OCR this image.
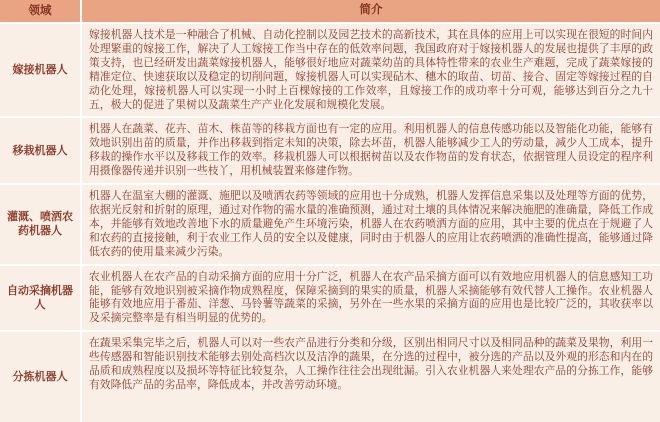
领域	简介
嫁接机器人
嫁接机器人技术是一种融合了机械、自动化控制以及园艺技术的高新技术，其在具体的应用上可以实现在很短的时间内处理繁重的嫁接工作，解决了人工嫁接工作当中存在的低效率问题，我国政府对于嫁接机器人的发展也提供了丰厚的政策支持，也已经研发出蔬菜嫁接机器人，能够很好地应对蔬菜幼苗的具体特性带来的农业生产难题，完成了蔬菜嫁接的精准定位、快速获取以及稳定的切削问题，嫁接机器人可以实现砧木、穗木的取苗、切苗、接合、固定等嫁接过程的自动化处理，嫁接机器人可以实现一小时上百棵嫁接的工作效率，且嫁接工作的成功率十分可观，能够达到百分之九十五，极大的促进了果树以及蔬菜生产产业化发展和规模化发展。
移栽机器人
机器人在蔬菜、花卉、苗木、株苗等的移栽方面也有一定的应用。利用机器人的信息传感功能以及智能化功能，能够有效地识别出苗的质量，并作出移栽到指定未知的决策，除去坏苗，机器人能够减少工人的劳动量，减少人工成本，提升移栽的操作水平以及移栽工作的效率。移栽机器人可以根据树苗以及农作物苗的发育状态，依据管理人员设定的程序利用摄像器传递并识别一些枝丫，用机械装置来修建作物。
灌溉、喷洒农药机器人
机器人在温室大棚的灌溉、施肥以及喷洒农药等领域的应用也十分成熟，机器人发挥信息采集以及处理等方面的优势，依据光反射和折射的原理，通过对作物的需水量的准确预测，通过对土壤的具体情况来解决施肥的准确量，降低工作成本，并能够有效地改善地下水的质量避免产生环境污染，机器人在农药喷洒方面的应用，其中主要的优点在于规避了人和农药的直接接触，利于农业工作人员的安全以及健康，同时由于机器人的应用让农药喷洒的准确性提高，能够通过降低农药的使用量来减少污染。
自动采摘机器人
农业机器人在农产品的自动采摘方面的应用十分广泛，机器人在农产品采摘方面可以有效地应用机器人的信息感知工功能，能够有效地识别被采摘作物成熟程度，保障采摘到的果实的质量，机器人采摘能够有效代替人工操作。农业机器人能够有效地应用于番茄、洋葱、马铃薯等蔬菜的采摘，另外在一些水果的采摘方面的应用也是比较广泛的，其收获率以及采摘完整率是有相当明显的优势的。
分拣机器人
在蔬果采集完毕之后，机器人可以对一些农产品进行分类和分级，区别出相同尺寸以及相同品种的蔬菜及果物，利用一些传感器和智能识别技术能够去别处高档次以及洁净的蔬果，在分选的过程中，被分选的产品以及外观的形态和内在的品质和成熟程度以及损坏等特征比较复杂，人工操作往往会出现纰漏。引入农业机器人来处理农产品的分拣工作，能够有效降低产品的劣品率，降低成本，并改善劳动环境。
